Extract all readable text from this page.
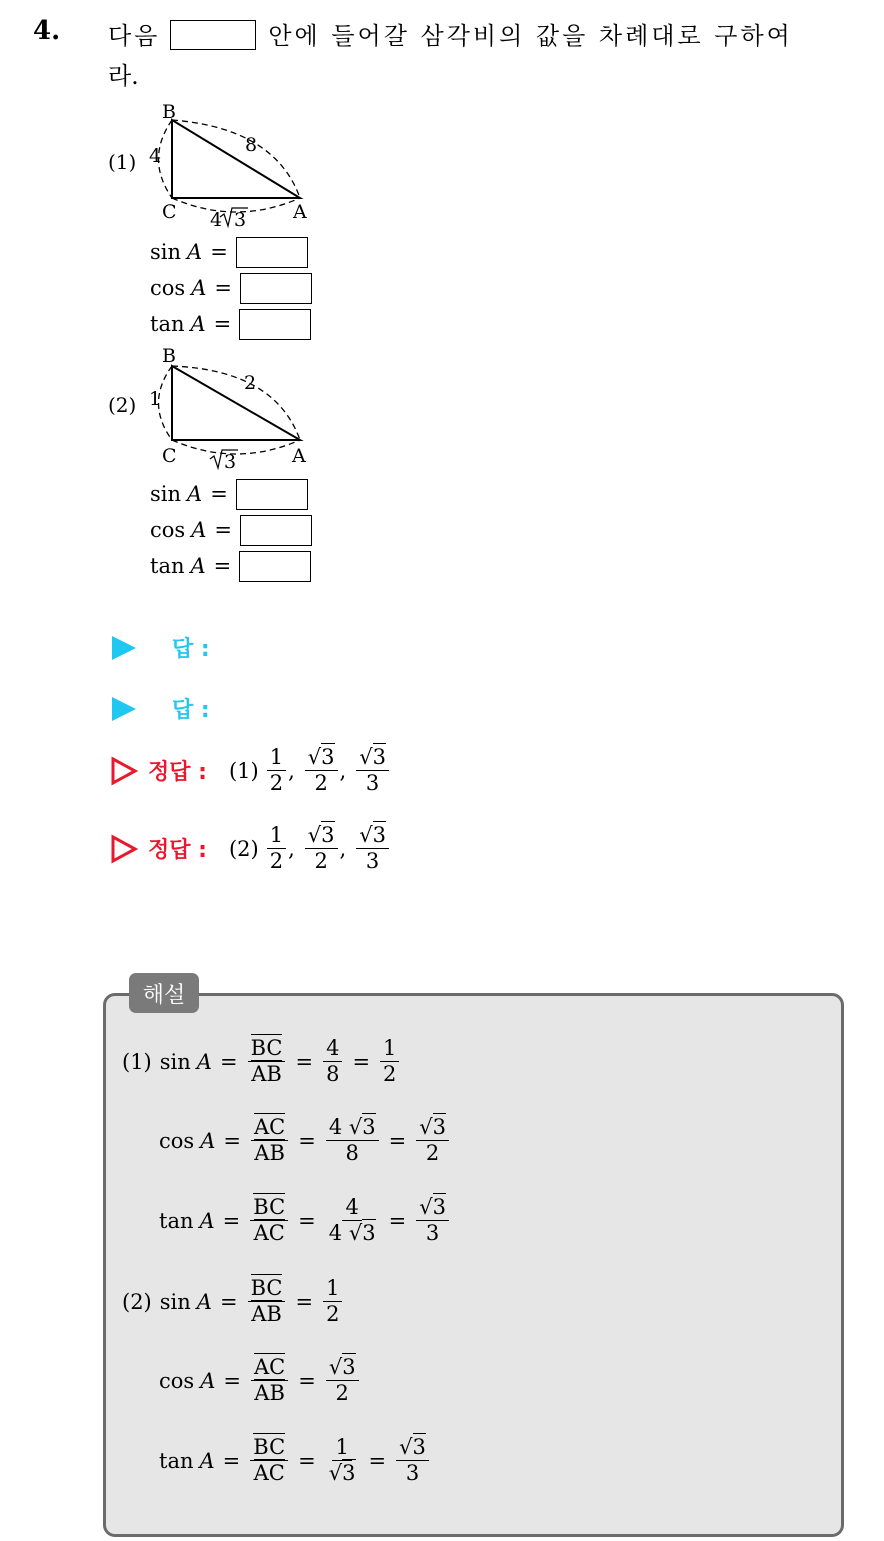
4. 다음	안에 들어갈 삼각비의 값을 차례대로 구하여
라.
(1)
B
C	A
4	8
4 3
sin A =
cos A =
tan A =
(2)
B
C	A
1
2
3
sin A =
cos A =
tan A =
답 :
답 :
정답 : $(1) \frac{1}{2}$ , $\frac{√3}{2}$ , $\frac{√3}{3}$
정답 : $(2) \frac{1}{2}$ , $\frac{√3}{2}$ , $\frac{√3}{3}$
해설
(1) $\sin A = \frac{BC}{AB} = \frac{4}{8} = \frac{1}{2}$
$\cos A = \frac{AC}{AB} = \frac{4 √3}{8} = \frac{√3}{2}$
$\tan A = \frac{BC}{AC} = \frac{4}{4 √3} = \frac{√3}{3}$
(2) $\sin A = \frac{BC}{AB} = \frac{1}{2}$
$\cos A = \frac{AC}{AB} = \frac{√3}{2}$
$\tan A = \frac{BC}{AC} = \frac{1}{√3} = \frac{√3}{3}$
